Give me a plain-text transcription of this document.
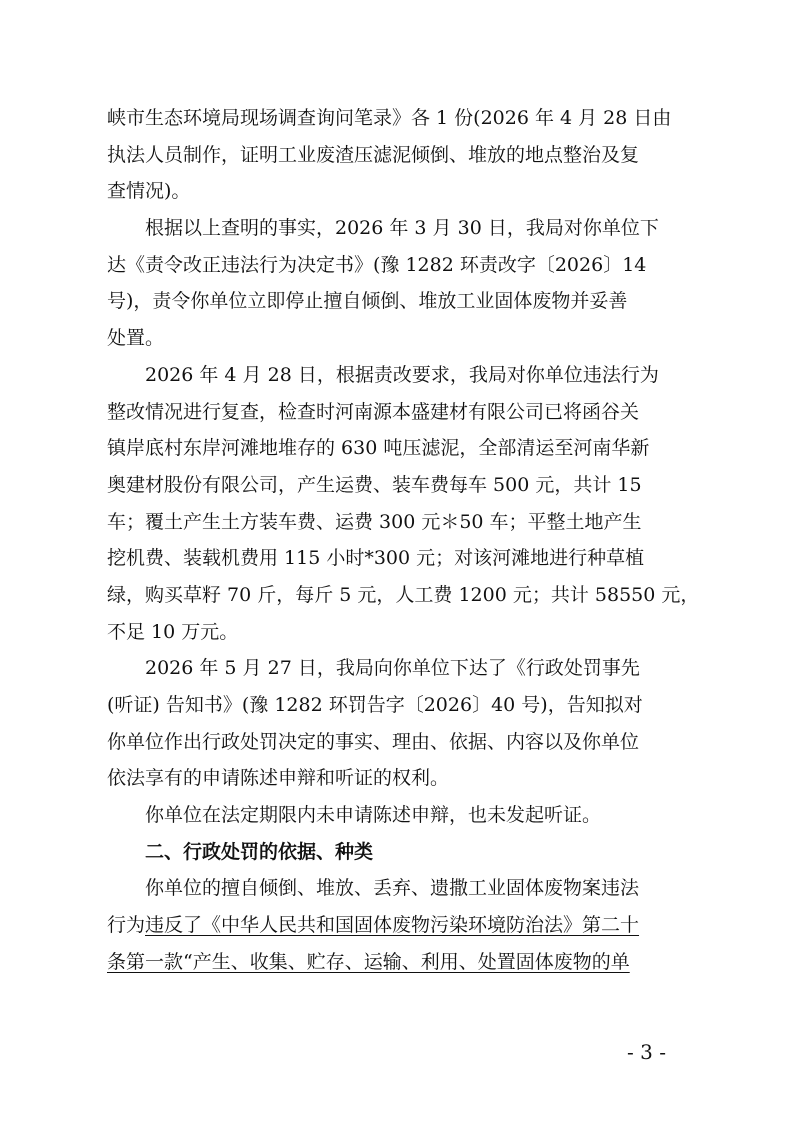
峡市生态环境局现场调查询问笔录》各 1 份(2026 年 4 月 28 日由
执法人员制作，证明工业废渣压滤泥倾倒、堆放的地点整治及复
查情况)。
　　根据以上查明的事实，2026 年 3 月 30 日，我局对你单位下
达《责令改正违法行为决定书》(豫 1282 环责改字〔2026〕14
号)，责令你单位立即停止擅自倾倒、堆放工业固体废物并妥善
处置。
　　2026 年 4 月 28 日，根据责改要求，我局对你单位违法行为
整改情况进行复查，检查时河南源本盛建材有限公司已将函谷关
镇岸底村东岸河滩地堆存的 630 吨压滤泥，全部清运至河南华新
奥建材股份有限公司，产生运费、装车费每车 500 元，共计 15
车；覆土产生土方装车费、运费 300 元＊50 车；平整土地产生
挖机费、装载机费用 115 小时*300 元；对该河滩地进行种草植
绿，购买草籽 70 斤，每斤 5 元，人工费 1200 元；共计 58550 元，
不足 10 万元。
　　2026 年 5 月 27 日，我局向你单位下达了《行政处罚事先
(听证) 告知书》(豫 1282 环罚告字〔2026〕40 号)，告知拟对
你单位作出行政处罚决定的事实、理由、依据、内容以及你单位
依法享有的申请陈述申辩和听证的权利。
　　你单位在法定期限内未申请陈述申辩，也未发起听证。
　　二、行政处罚的依据、种类
　　你单位的擅自倾倒、堆放、丢弃、遗撒工业固体废物案违法
行为违反了《中华人民共和国固体废物污染环境防治法》第二十
条第一款“产生、收集、贮存、运输、利用、处置固体废物的单
- 3 -
